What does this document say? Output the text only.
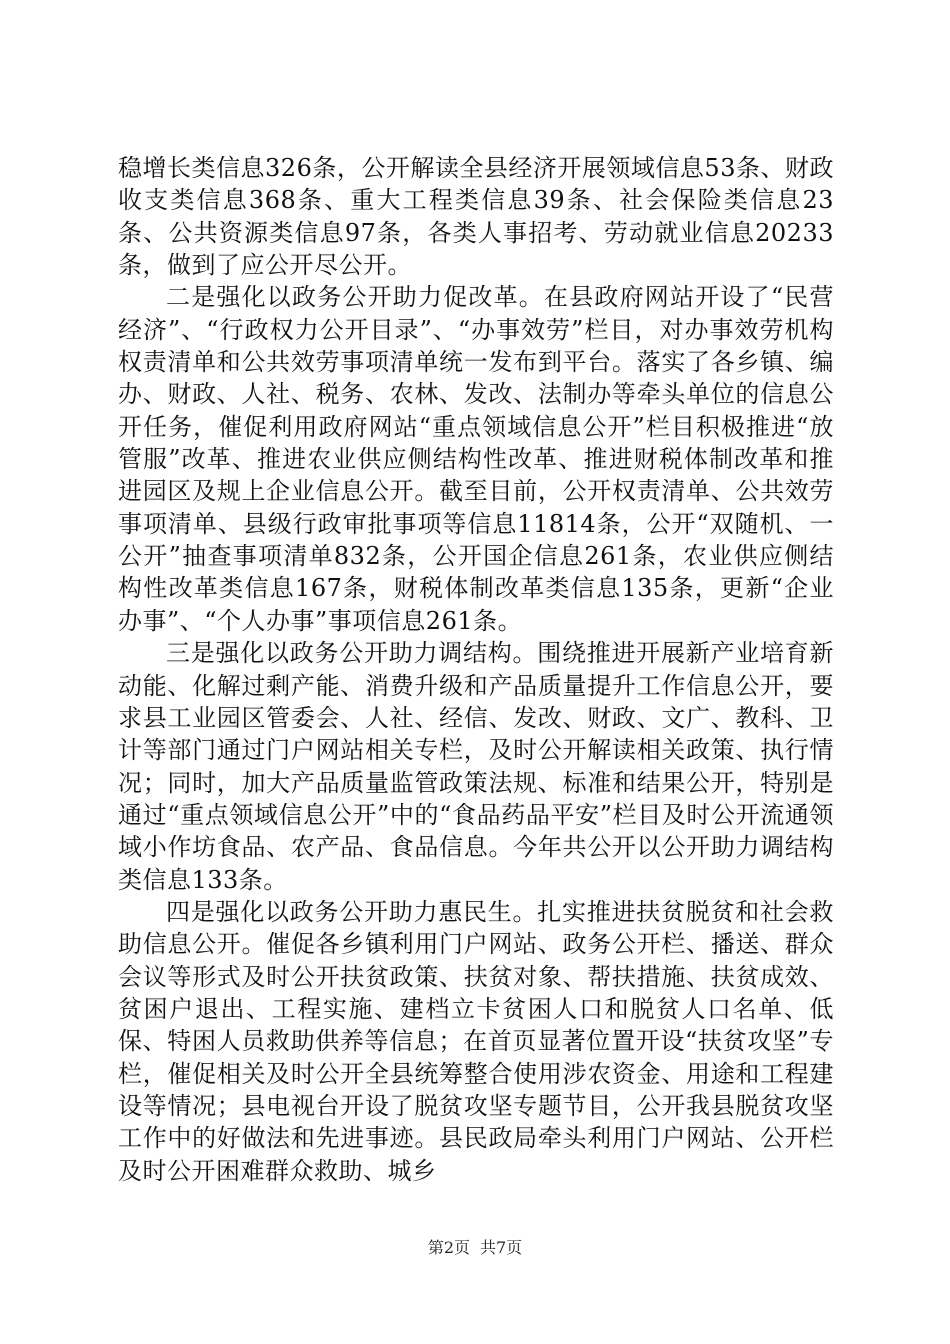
稳增长类信息326条，公开解读全县经济开展领域信息53条、财政收支类信息368条、重大工程类信息39条、社会保险类信息23条、公共资源类信息97条，各类人事招考、劳动就业信息20233条，做到了应公开尽公开。

二是强化以政务公开助力促改革。在县政府网站开设了“民营经济”、“行政权力公开目录”、“办事效劳”栏目，对办事效劳机构权责清单和公共效劳事项清单统一发布到平台。落实了各乡镇、编办、财政、人社、税务、农林、发改、法制办等牵头单位的信息公开任务，催促利用政府网站“重点领域信息公开”栏目积极推进“放管服”改革、推进农业供应侧结构性改革、推进财税体制改革和推进园区及规上企业信息公开。截至目前，公开权责清单、公共效劳事项清单、县级行政审批事项等信息11814条，公开“双随机、一公开”抽查事项清单832条，公开国企信息261条，农业供应侧结构性改革类信息167条，财税体制改革类信息135条，更新“企业办事”、“个人办事”事项信息261条。

三是强化以政务公开助力调结构。围绕推进开展新产业培育新动能、化解过剩产能、消费升级和产品质量提升工作信息公开，要求县工业园区管委会、人社、经信、发改、财政、文广、教科、卫计等部门通过门户网站相关专栏，及时公开解读相关政策、执行情况；同时，加大产品质量监管政策法规、标准和结果公开，特别是通过“重点领域信息公开”中的“食品药品平安”栏目及时公开流通领域小作坊食品、农产品、食品信息。今年共公开以公开助力调结构类信息133条。

四是强化以政务公开助力惠民生。扎实推进扶贫脱贫和社会救助信息公开。催促各乡镇利用门户网站、政务公开栏、播送、群众会议等形式及时公开扶贫政策、扶贫对象、帮扶措施、扶贫成效、贫困户退出、工程实施、建档立卡贫困人口和脱贫人口名单、低保、特困人员救助供养等信息；在首页显著位置开设“扶贫攻坚”专栏，催促相关及时公开全县统筹整合使用涉农资金、用途和工程建设等情况；县电视台开设了脱贫攻坚专题节目，公开我县脱贫攻坚工作中的好做法和先进事迹。县民政局牵头利用门户网站、公开栏及时公开困难群众救助、城乡

第2页 共7页
